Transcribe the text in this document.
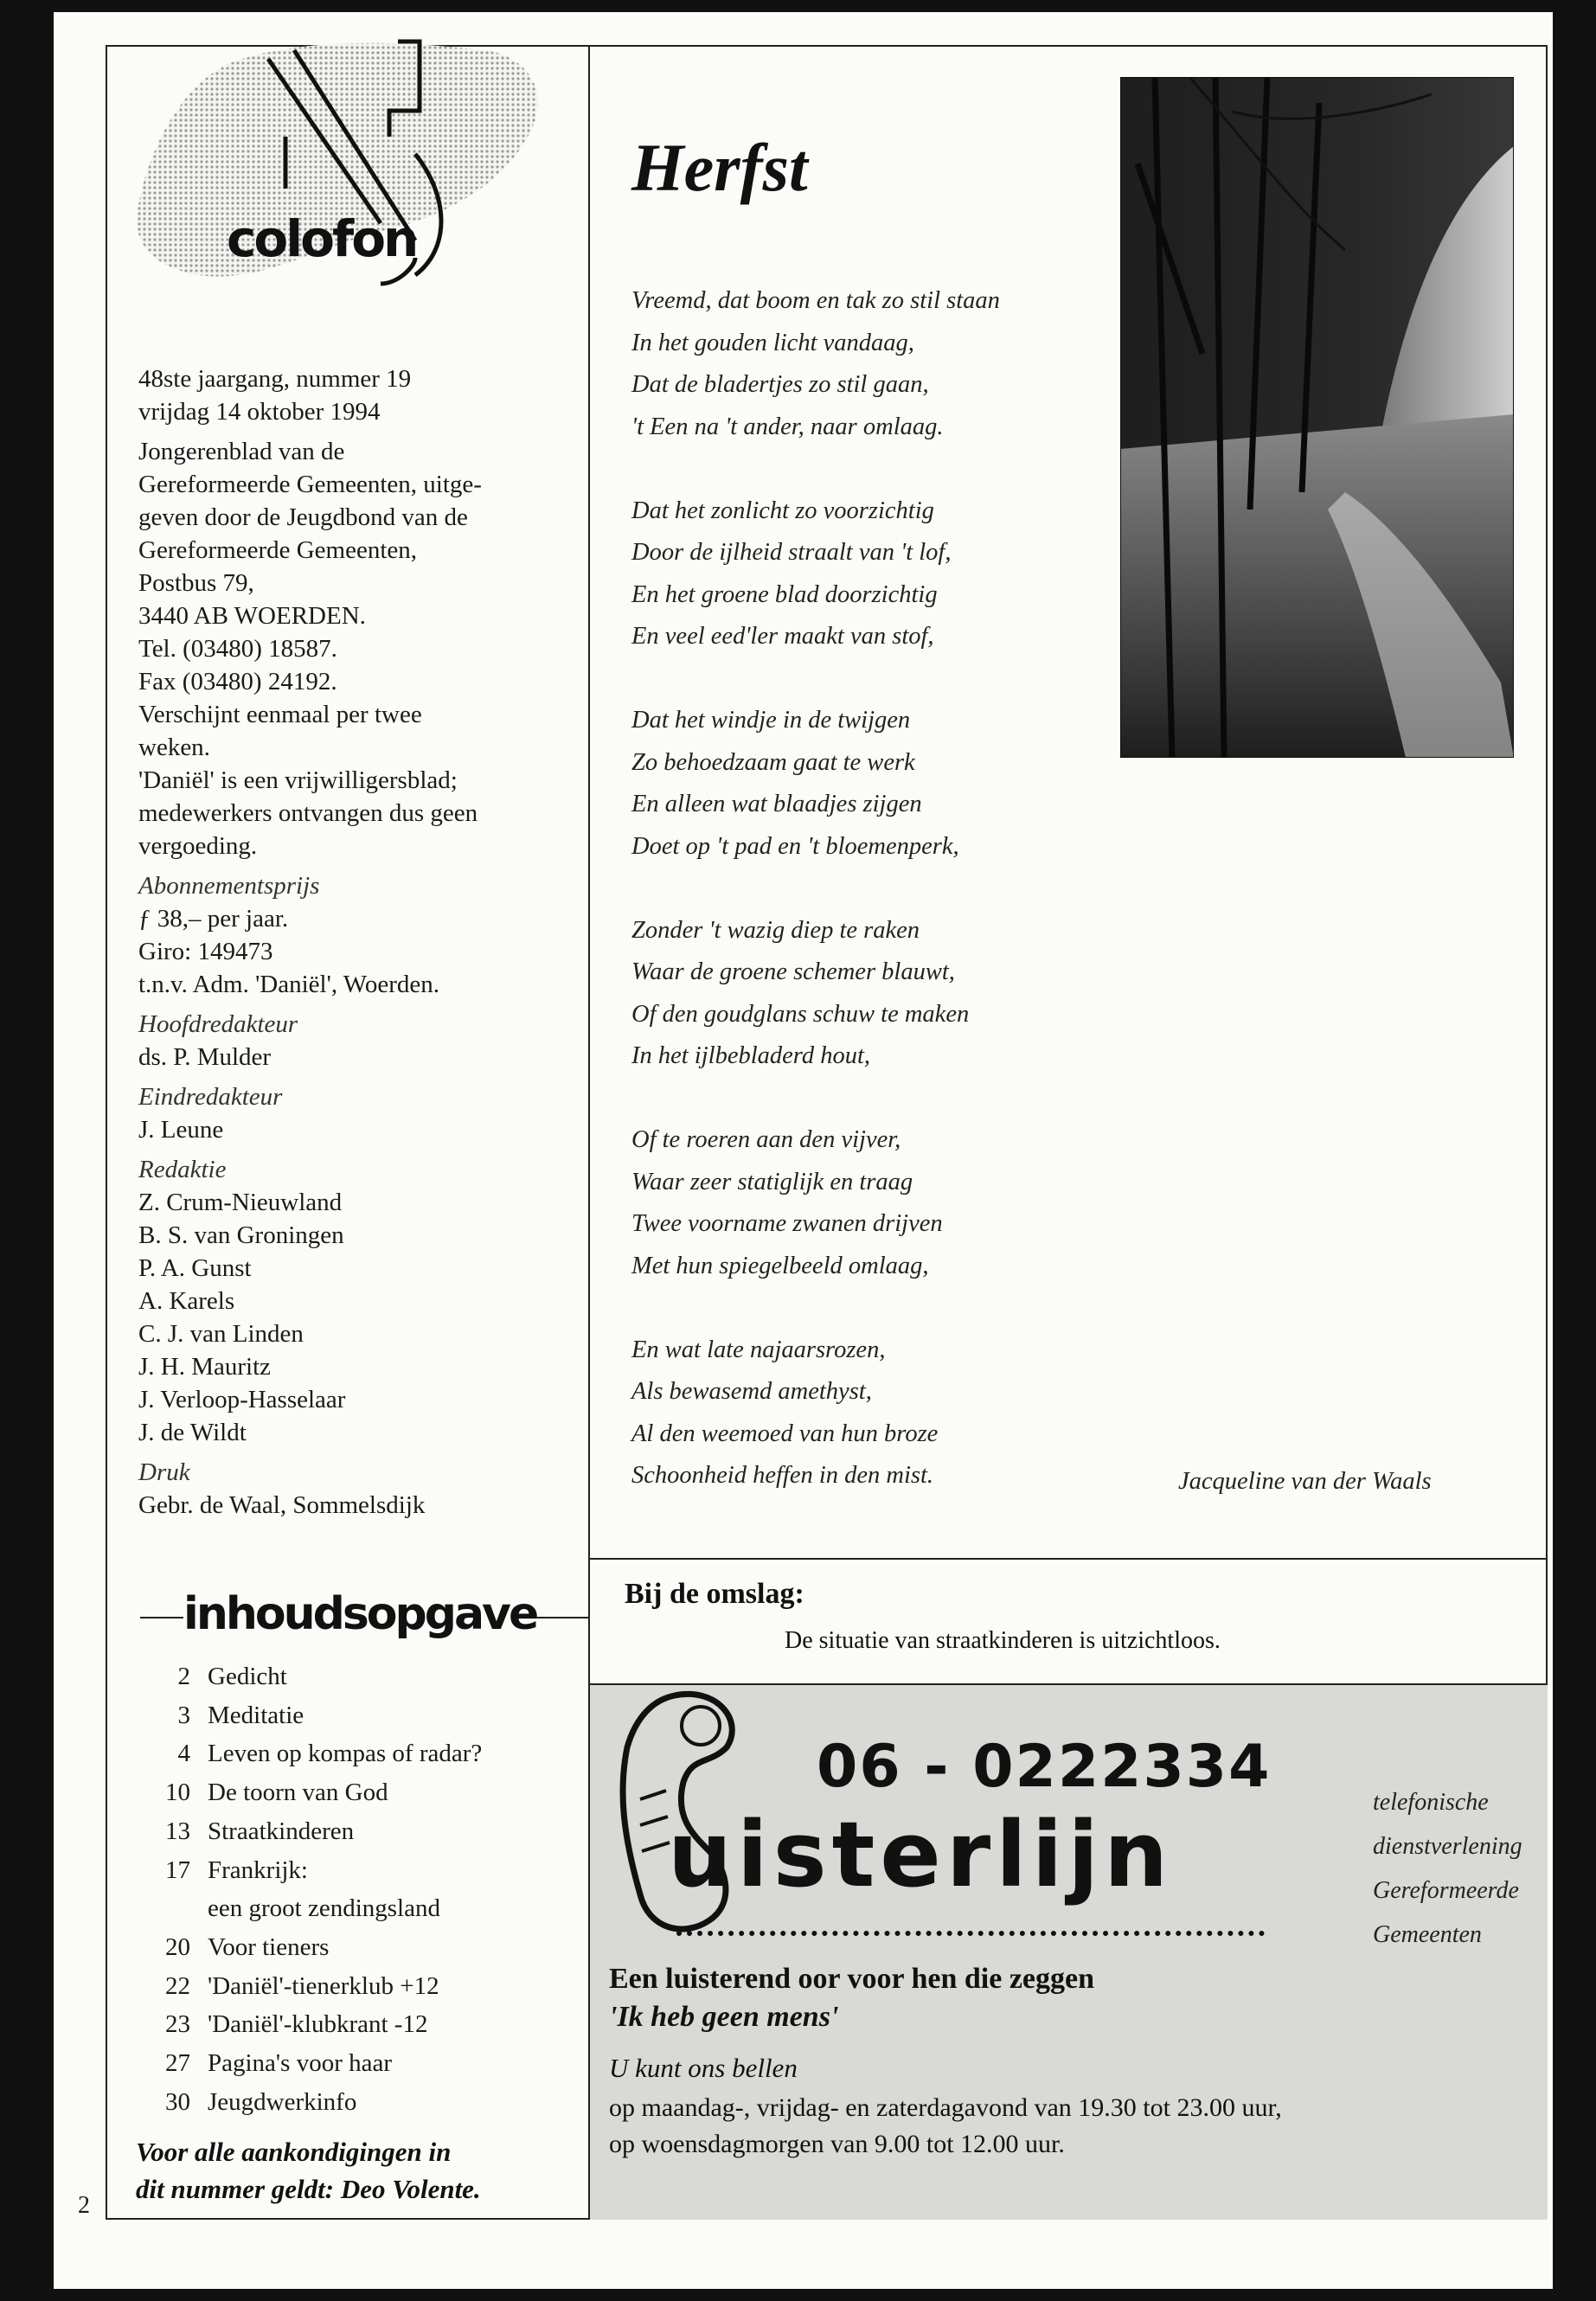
colofon
48ste jaargang, nummer 19
vrijdag 14 oktober 1994
Jongerenblad van de
Gereformeerde Gemeenten, uitge-
geven door de Jeugdbond van de
Gereformeerde Gemeenten,
Postbus 79,
3440 AB WOERDEN.
Tel. (03480) 18587.
Fax (03480) 24192.
Verschijnt eenmaal per twee
weken.
'Daniël' is een vrijwilligersblad;
medewerkers ontvangen dus geen
vergoeding.
Abonnementsprijs
ƒ 38,– per jaar.
Giro: 149473
t.n.v. Adm. 'Daniël', Woerden.
Hoofdredakteur
ds. P. Mulder
Eindredakteur
J. Leune
Redaktie
Z. Crum-Nieuwland
B. S. van Groningen
P. A. Gunst
A. Karels
C. J. van Linden
J. H. Mauritz
J. Verloop-Hasselaar
J. de Wildt
Druk
Gebr. de Waal, Sommelsdijk
inhoudsopgave
2 Gedicht
3 Meditatie
4 Leven op kompas of radar?
10 De toorn van God
13 Straatkinderen
17 Frankrijk:
een groot zendingsland
20 Voor tieners
22 'Daniël'-tienerklub +12
23 'Daniël'-klubkrant -12
27 Pagina's voor haar
30 Jeugdwerkinfo
Voor alle aankondigingen in
dit nummer geldt: Deo Volente.
2
Herfst
Vreemd, dat boom en tak zo stil staan
In het gouden licht vandaag,
Dat de bladertjes zo stil gaan,
't Een na 't ander, naar omlaag.
Dat het zonlicht zo voorzichtig
Door de ijlheid straalt van 't lof,
En het groene blad doorzichtig
En veel eed'ler maakt van stof,
Dat het windje in de twijgen
Zo behoedzaam gaat te werk
En alleen wat blaadjes zijgen
Doet op 't pad en 't bloemenperk,
Zonder 't wazig diep te raken
Waar de groene schemer blauwt,
Of den goudglans schuw te maken
In het ijlbebladerd hout,
Of te roeren aan den vijver,
Waar zeer statiglijk en traag
Twee voorname zwanen drijven
Met hun spiegelbeeld omlaag,
En wat late najaarsrozen,
Als bewasemd amethyst,
Al den weemoed van hun broze
Schoonheid heffen in den mist.	Jacqueline van der Waals
Bij de omslag:
De situatie van straatkinderen is uitzichtloos.
06 - 0222334
uisterlijn	telefonische
dienstverlening
Gereformeerde
Gemeenten
Een luisterend oor voor hen die zeggen
'Ik heb geen mens'
U kunt ons bellen
op maandag-, vrijdag- en zaterdagavond van 19.30 tot 23.00 uur,
op woensdagmorgen van 9.00 tot 12.00 uur.
